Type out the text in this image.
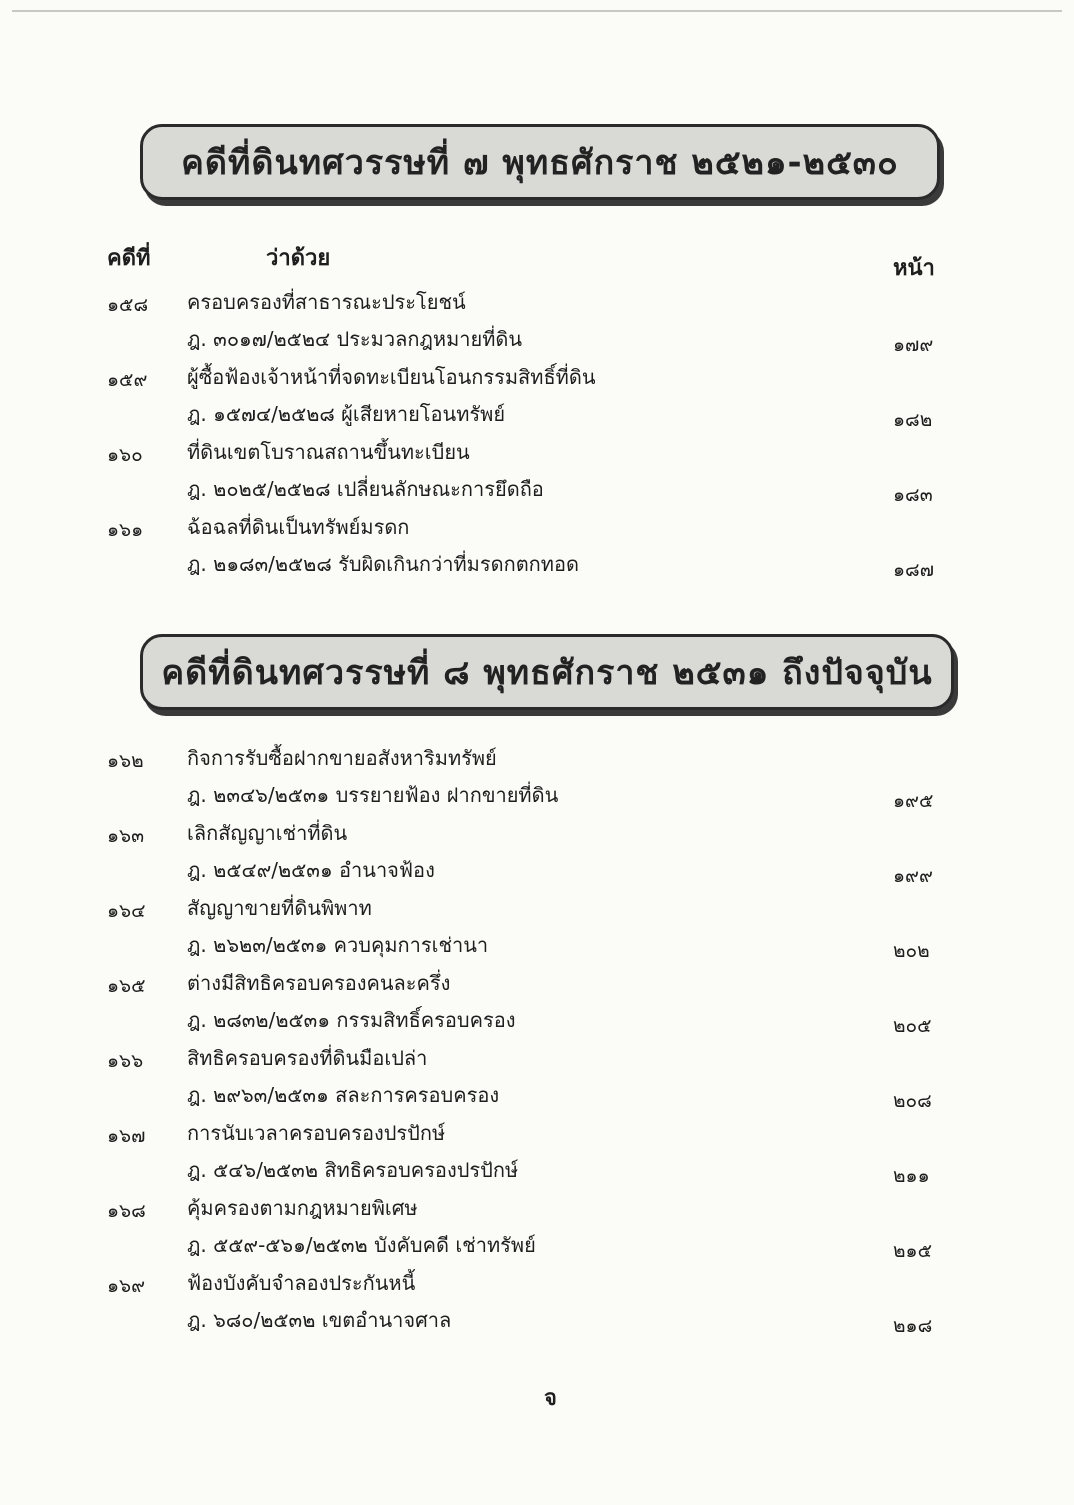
คดีที่ดินทศวรรษที่ ๗ พุทธศักราช ๒๕๒๑-๒๕๓๐
คดีที่	ว่าด้วย	หน้า
๑๕๘ ครอบครองที่สาธารณะประโยชน์
ฎ. ๓๐๑๗/๒๕๒๔ ประมวลกฎหมายที่ดิน	๑๗๙
๑๕๙ ผู้ซื้อฟ้องเจ้าหน้าที่จดทะเบียนโอนกรรมสิทธิ์ที่ดิน
ฎ. ๑๕๗๔/๒๕๒๘ ผู้เสียหายโอนทรัพย์	๑๘๒
๑๖๐ ที่ดินเขตโบราณสถานขึ้นทะเบียน
ฎ. ๒๐๒๕/๒๕๒๘ เปลี่ยนลักษณะการยึดถือ	๑๘๓
๑๖๑ ฉ้อฉลที่ดินเป็นทรัพย์มรดก
ฎ. ๒๑๘๓/๒๕๒๘ รับผิดเกินกว่าที่มรดกตกทอด	๑๘๗
คดีที่ดินทศวรรษที่ ๘ พุทธศักราช ๒๕๓๑ ถึงปัจจุบัน
๑๖๒ กิจการรับซื้อฝากขายอสังหาริมทรัพย์
ฎ. ๒๓๔๖/๒๕๓๑ บรรยายฟ้อง ฝากขายที่ดิน	๑๙๕
๑๖๓ เลิกสัญญาเช่าที่ดิน
ฎ. ๒๕๔๙/๒๕๓๑ อำนาจฟ้อง	๑๙๙
๑๖๔ สัญญาขายที่ดินพิพาท
ฎ. ๒๖๒๓/๒๕๓๑ ควบคุมการเช่านา	๒๐๒
๑๖๕ ต่างมีสิทธิครอบครองคนละครึ่ง
ฎ. ๒๘๓๒/๒๕๓๑ กรรมสิทธิ์ครอบครอง	๒๐๕
๑๖๖ สิทธิครอบครองที่ดินมือเปล่า
ฎ. ๒๙๖๓/๒๕๓๑ สละการครอบครอง	๒๐๘
๑๖๗ การนับเวลาครอบครองปรปักษ์
ฎ. ๕๔๖/๒๕๓๒ สิทธิครอบครองปรปักษ์	๒๑๑
๑๖๘ คุ้มครองตามกฎหมายพิเศษ
ฎ. ๕๕๙-๕๖๑/๒๕๓๒ บังคับคดี เช่าทรัพย์	๒๑๕
๑๖๙ ฟ้องบังคับจำลองประกันหนี้
ฎ. ๖๘๐/๒๕๓๒ เขตอำนาจศาล	๒๑๘
จ
